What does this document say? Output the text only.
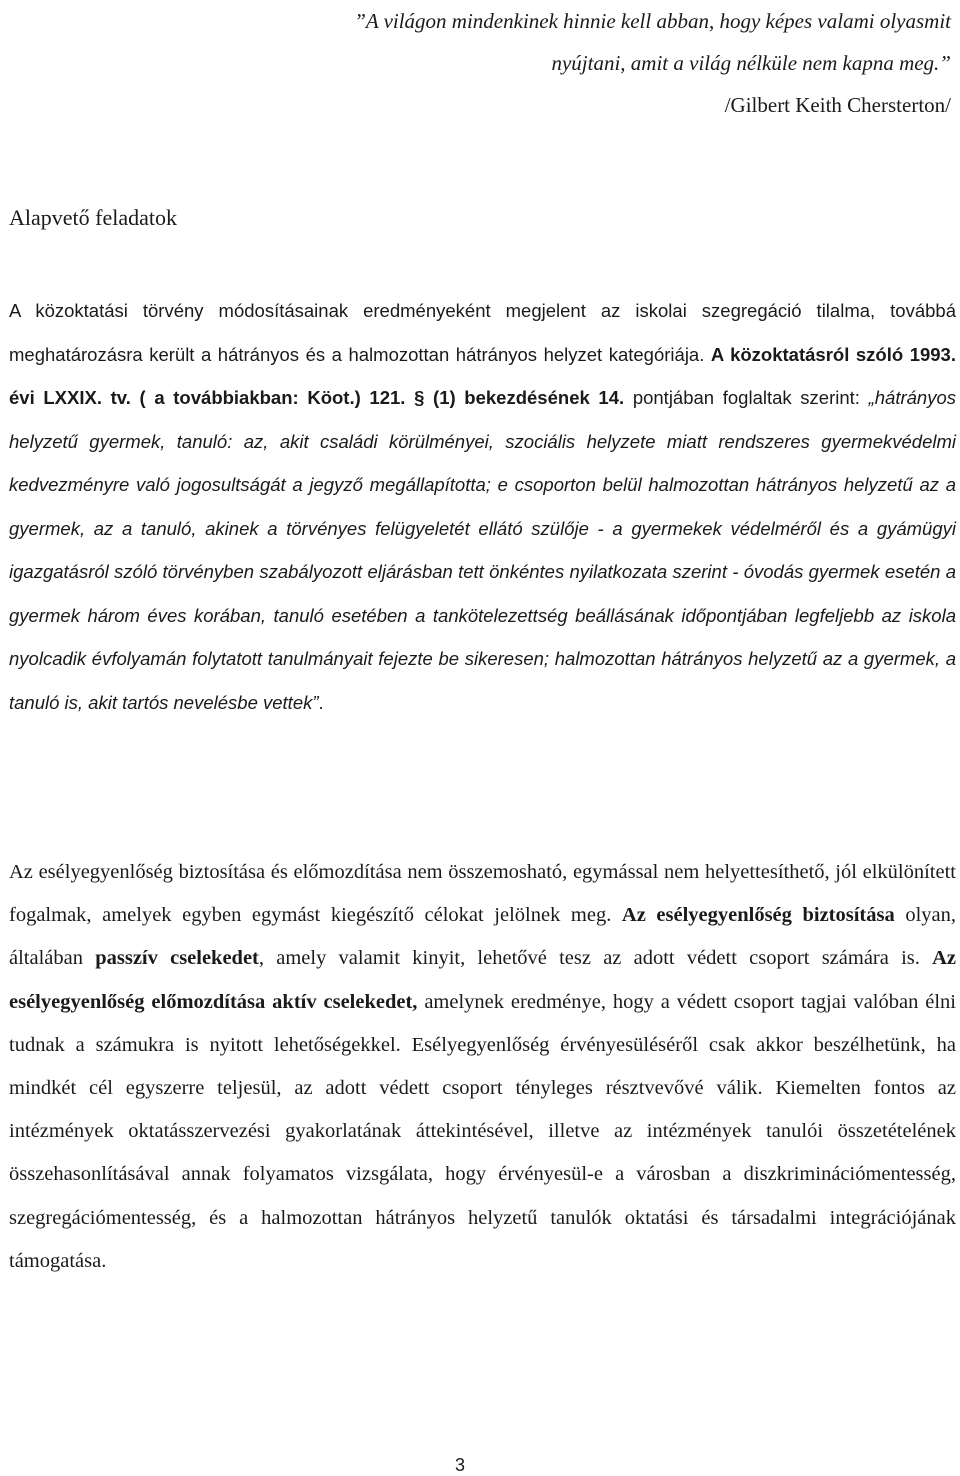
”A világon mindenkinek hinnie kell abban, hogy képes valami olyasmit
nyújtani, amit a világ nélküle nem kapna meg.”
/Gilbert Keith Chersterton/
Alapvető feladatok
A közoktatási törvény módosításainak eredményeként megjelent az iskolai szegregáció tilalma, továbbá meghatározásra került a hátrányos és a halmozottan hátrányos helyzet kategóriája. A közoktatásról szóló 1993. évi LXXIX. tv. ( a továbbiakban: Köot.) 121. § (1) bekezdésének 14. pontjában foglaltak szerint: „hátrányos helyzetű gyermek, tanuló: az, akit családi körülményei, szociális helyzete miatt rendszeres gyermekvédelmi kedvezményre való jogosultságát a jegyző megállapította; e csoporton belül halmozottan hátrányos helyzetű az a gyermek, az a tanuló, akinek a törvényes felügyeletét ellátó szülője - a gyermekek védelméről és a gyámügyi igazgatásról szóló törvényben szabályozott eljárásban tett önkéntes nyilatkozata szerint - óvodás gyermek esetén a gyermek három éves korában, tanuló esetében a tankötelezettség beállásának időpontjában legfeljebb az iskola nyolcadik évfolyamán folytatott tanulmányait fejezte be sikeresen; halmozottan hátrányos helyzetű az a gyermek, a tanuló is, akit tartós nevelésbe vettek”.
Az esélyegyenlőség biztosítása és előmozdítása nem összemosható, egymással nem helyettesíthető, jól elkülönített fogalmak, amelyek egyben egymást kiegészítő célokat jelölnek meg. Az esélyegyenlőség biztosítása olyan, általában passzív cselekedet, amely valamit kinyit, lehetővé tesz az adott védett csoport számára is. Az esélyegyenlőség előmozdítása aktív cselekedet, amelynek eredménye, hogy a védett csoport tagjai valóban élni tudnak a számukra is nyitott lehetőségekkel. Esélyegyenlőség érvényesüléséről csak akkor beszélhetünk, ha mindkét cél egyszerre teljesül, az adott védett csoport tényleges résztvevővé válik. Kiemelten fontos az intézmények oktatásszervezési gyakorlatának áttekintésével, illetve az intézmények tanulói összetételének összehasonlításával annak folyamatos vizsgálata, hogy érvényesül-e a városban a diszkriminációmentesség, szegregációmentesség, és a halmozottan hátrányos helyzetű tanulók oktatási és társadalmi integrációjának támogatása.
3
